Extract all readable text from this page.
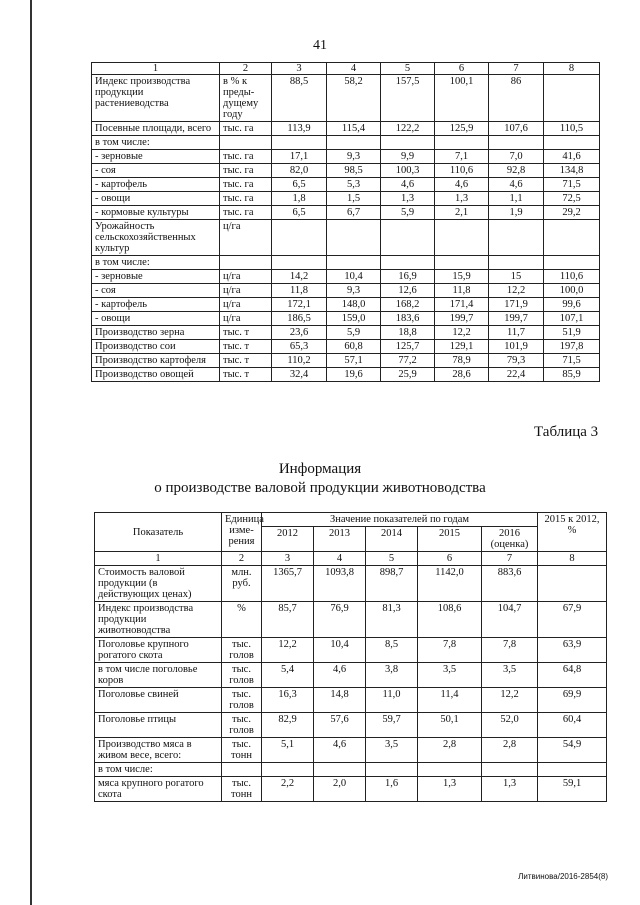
41
1	2	3	4	5	6	7	8
Индекс производства продукции растениеводства	в % к преды-дущему году	88,5	58,2	157,5	100,1	86	
Посевные площади, всего	тыс. га	113,9	115,4	122,2	125,9	107,6	110,5
в том числе:							
- зерновые	тыс. га	17,1	9,3	9,9	7,1	7,0	41,6
- соя	тыс. га	82,0	98,5	100,3	110,6	92,8	134,8
- картофель	тыс. га	6,5	5,3	4,6	4,6	4,6	71,5
- овощи	тыс. га	1,8	1,5	1,3	1,3	1,1	72,5
- кормовые культуры	тыс. га	6,5	6,7	5,9	2,1	1,9	29,2
Урожайность сельскохозяйственных культур	ц/га						
в том числе:							
- зерновые	ц/га	14,2	10,4	16,9	15,9	15	110,6
- соя	ц/га	11,8	9,3	12,6	11,8	12,2	100,0
- картофель	ц/га	172,1	148,0	168,2	171,4	171,9	99,6
- овощи	ц/га	186,5	159,0	183,6	199,7	199,7	107,1
Производство зерна	тыс. т	23,6	5,9	18,8	12,2	11,7	51,9
Производство сои	тыс. т	65,3	60,8	125,7	129,1	101,9	197,8
Производство картофеля	тыс. т	110,2	57,1	77,2	78,9	79,3	71,5
Производство овощей	тыс. т	32,4	19,6	25,9	28,6	22,4	85,9
Таблица 3
Информация
о производстве валовой продукции животноводства
Показатель	Единица изме-рения	Значение показателей по годам					2015 к 2012, %
		2012	2013	2014	2015	2016 (оценка)	
1	2	3	4	5	6	7	8
Стоимость валовой продукции (в действующих ценах)	млн. руб.	1365,7	1093,8	898,7	1142,0	883,6	
Индекс производства продукции животноводства	%	85,7	76,9	81,3	108,6	104,7	67,9
Поголовье крупного рогатого скота	тыс. голов	12,2	10,4	8,5	7,8	7,8	63,9
в том числе поголовье коров	тыс. голов	5,4	4,6	3,8	3,5	3,5	64,8
Поголовье свиней	тыс. голов	16,3	14,8	11,0	11,4	12,2	69,9
Поголовье птицы	тыс. голов	82,9	57,6	59,7	50,1	52,0	60,4
Производство мяса в живом весе, всего:	тыс. тонн	5,1	4,6	3,5	2,8	2,8	54,9
в том числе:							
мяса крупного рогатого скота	тыс. тонн	2,2	2,0	1,6	1,3	1,3	59,1
Литвинова/2016-2854(8)
